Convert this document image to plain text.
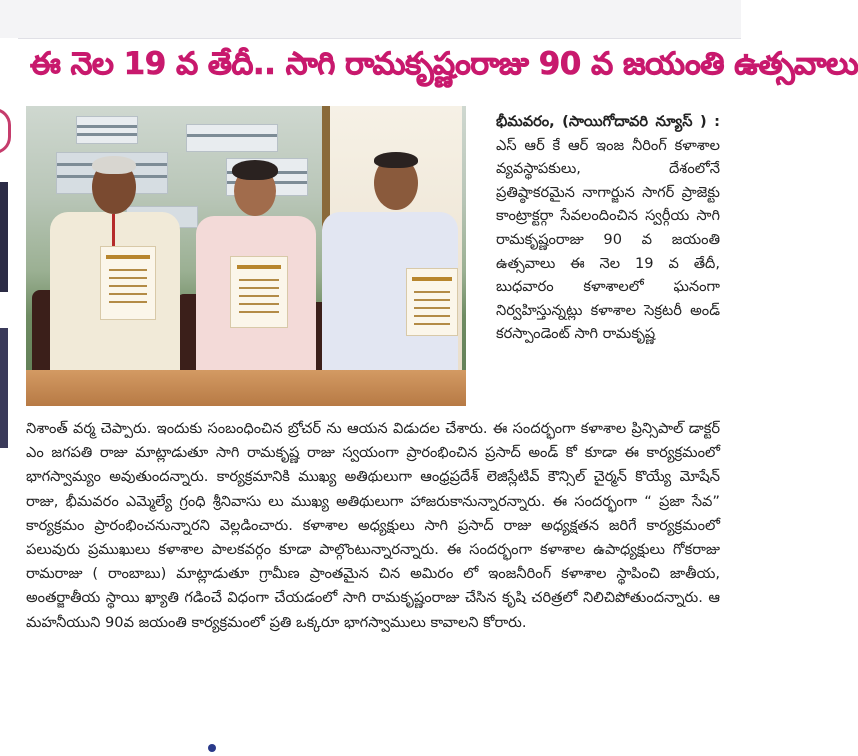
ఈ నెల 19 వ తేదీ.. సాగి రామకృష్ణంరాజు 90 వ జయంతి ఉత్సవాలు
భీమవరం, (సాయిగోదావరి న్యూస్ ) : ఎస్ ఆర్ కే ఆర్ ఇంజ నీరింగ్ కళాశాల వ్యవస్థాపకులు, దేశంలోనే ప్రతిష్ఠాకరమైన నాగార్జున సాగర్ ప్రాజెక్టు కాంట్రాక్టర్గా సేవలందించిన స్వర్గీయ సాగి రామకృష్ణంరాజు 90 వ జయంతి ఉత్సవాలు ఈ నెల 19 వ తేదీ, బుధవారం కళాశాలలో ఘనంగా నిర్వహిస్తున్నట్లు కళాశాల సెక్రటరీ అండ్ కరస్పాండెంట్ సాగి రామకృష్ణ
నిశాంత్ వర్మ చెప్పారు. ఇందుకు సంబంధించిన బ్రోచర్ ను ఆయన విడుదల చేశారు. ఈ సందర్భంగా కళాశాల ప్రిన్సిపాల్ డాక్టర్ ఎం జగపతి రాజు మాట్లాడుతూ సాగి రామకృష్ణ రాజు స్వయంగా ప్రారంభించిన ప్రసాద్ అండ్ కో కూడా ఈ కార్యక్రమంలో భాగస్వామ్యం అవుతుందన్నారు. కార్యక్రమానికి ముఖ్య అతిథులుగా ఆంధ్రప్రదేశ్ లెజిస్లేటివ్ కౌన్సిల్ చైర్మన్ కొయ్యే మోషేన్ రాజు, భీమవరం ఎమ్మెల్యే గ్రంధి శ్రీనివాసు లు ముఖ్య అతిథులుగా హాజరుకానున్నారన్నారు. ఈ సందర్భంగా “ ప్రజా సేవ” కార్యక్రమం ప్రారంభించనున్నారని వెల్లడించారు. కళాశాల అధ్యక్షులు సాగి ప్రసాద్ రాజు అధ్యక్షతన జరిగే కార్యక్రమంలో పలువురు ప్రముఖులు కళాశాల పాలకవర్గం కూడా పాల్గొంటున్నారన్నారు. ఈ సందర్భంగా కళాశాల ఉపాధ్యక్షులు గోకరాజు రామరాజు ( రాంబాబు) మాట్లాడుతూ గ్రామీణ ప్రాంతమైన చిన అమిరం లో ఇంజనీరింగ్ కళాశాల స్థాపించి జాతీయ, అంతర్జాతీయ స్థాయి ఖ్యాతి గడించే విధంగా చేయడంలో సాగి రామకృష్ణంరాజు చేసిన కృషి చరిత్రలో నిలిచిపోతుందన్నారు. ఆ మహనీయుని 90వ జయంతి కార్యక్రమంలో ప్రతి ఒక్కరూ భాగస్వాములు కావాలని కోరారు.
